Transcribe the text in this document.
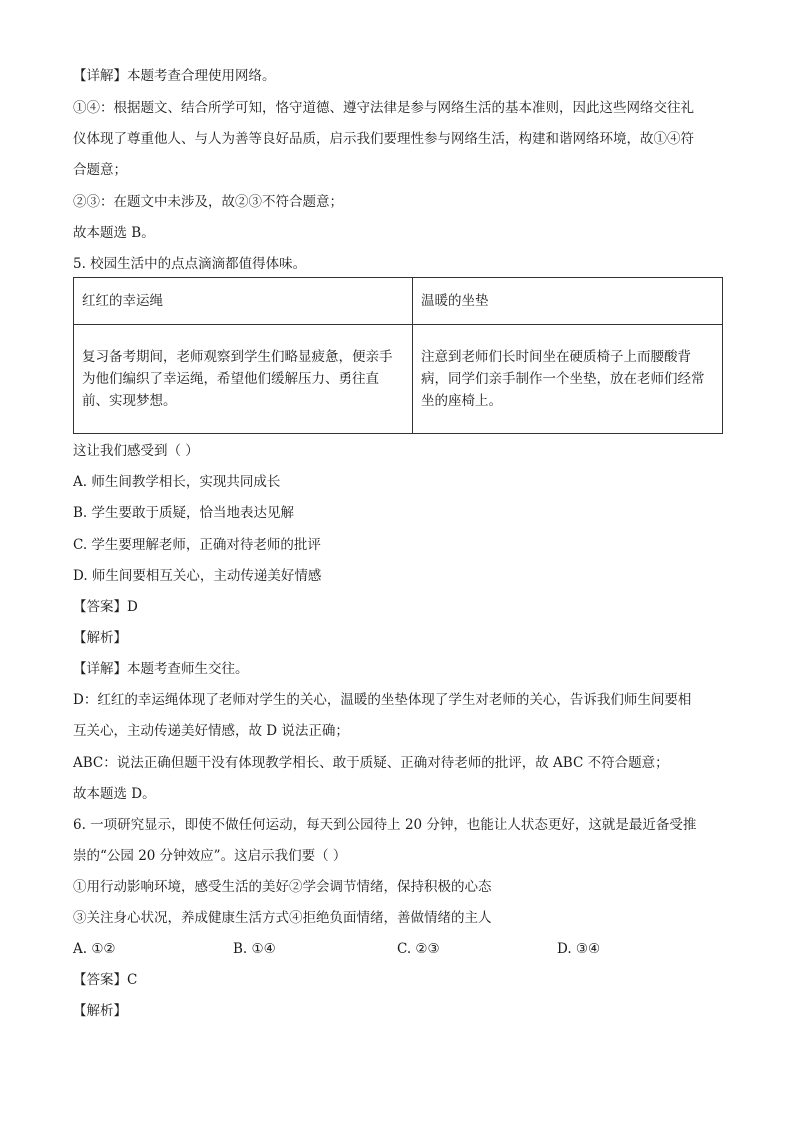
【详解】本题考查合理使用网络。
①④：根据题文、结合所学可知，恪守道德、遵守法律是参与网络生活的基本准则，因此这些网络交往礼
仪体现了尊重他人、与人为善等良好品质，启示我们要理性参与网络生活，构建和谐网络环境，故①④符
合题意；
②③：在题文中未涉及，故②③不符合题意；
故本题选 B。
5. 校园生活中的点点滴滴都值得体味。
红红的幸运绳	温暖的坐垫
复习备考期间，老师观察到学生们略显疲惫，便亲手为他们编织了幸运绳，希望他们缓解压力、勇往直前、实现梦想。	注意到老师们长时间坐在硬质椅子上而腰酸背病，同学们亲手制作一个坐垫，放在老师们经常坐的座椅上。
这让我们感受到（ ）
A. 师生间教学相长，实现共同成长
B. 学生要敢于质疑，恰当地表达见解
C. 学生要理解老师，正确对待老师的批评
D. 师生间要相互关心，主动传递美好情感
【答案】D
【解析】
【详解】本题考查师生交往。
D：红红的幸运绳体现了老师对学生的关心，温暖的坐垫体现了学生对老师的关心，告诉我们师生间要相
互关心，主动传递美好情感，故 D 说法正确；
ABC：说法正确但题干没有体现教学相长、敢于质疑、正确对待老师的批评，故 ABC 不符合题意；
故本题选 D。
6. 一项研究显示，即使不做任何运动，每天到公园待上 20 分钟，也能让人状态更好，这就是最近备受推
崇的“公园 20 分钟效应”。这启示我们要（ ）
①用行动影响环境，感受生活的美好②学会调节情绪，保持积极的心态
③关注身心状况，养成健康生活方式④拒绝负面情绪，善做情绪的主人
A. ①②	B. ①④	C. ②③	D. ③④
【答案】C
【解析】
